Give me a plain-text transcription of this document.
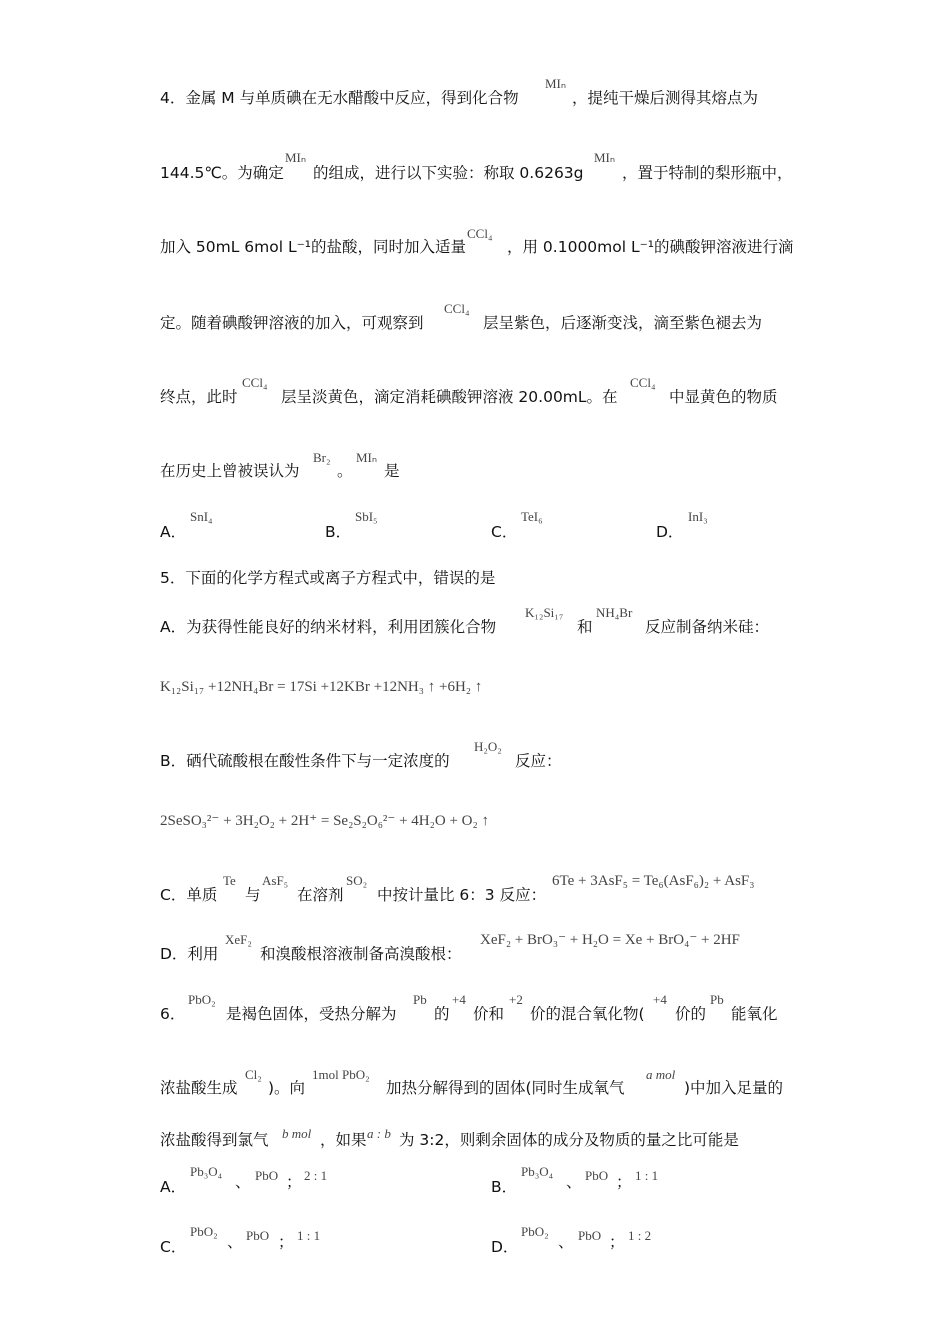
4．金属 M 与单质碘在无水醋酸中反应，得到化合物
MIₙ
，提纯干燥后测得其熔点为
144.5℃。为确定
MIₙ
的组成，进行以下实验：称取 0.6263g
MIₙ
，置于特制的梨形瓶中，
加入 50mL 6mol L⁻¹的盐酸，同时加入适量
CCl₄
，用 0.1000mol L⁻¹的碘酸钾溶液进行滴
定。随着碘酸钾溶液的加入，可观察到
CCl₄
层呈紫色，后逐渐变浅，滴至紫色褪去为
终点，此时
CCl₄
层呈淡黄色，滴定消耗碘酸钾溶液 20.00mL。在
CCl₄
中显黄色的物质
在历史上曾被误认为
Br₂
。
MIₙ
是
A．
SnI₄
B．
SbI₅
C．
TeI₆
D．
InI₃
5．下面的化学方程式或离子方程式中，错误的是
A．为获得性能良好的纳米材料，利用团簇化合物
K₁₂Si₁₇
和
NH₄Br
反应制备纳米硅：
K₁₂Si₁₇ +12NH₄Br = 17Si +12KBr +12NH₃ ↑ +6H₂ ↑
B．硒代硫酸根在酸性条件下与一定浓度的
H₂O₂
反应：
2SeSO₃²⁻ + 3H₂O₂ + 2H⁺ = Se₂S₂O₆²⁻ + 4H₂O + O₂ ↑
C．单质
Te
与
AsF₅
在溶剂
SO₂
中按计量比 6：3 反应：
6Te + 3AsF₅ = Te₆(AsF₆)₂ + AsF₃
D．利用
XeF₂
和溴酸根溶液制备高溴酸根：
XeF₂ + BrO₃⁻ + H₂O = Xe + BrO₄⁻ + 2HF
6．
PbO₂
是褐色固体，受热分解为
Pb
的
+4
价和
+2
价的混合氧化物(
+4
价的
Pb
能氧化
浓盐酸生成
Cl₂
)。向
1mol PbO₂
加热分解得到的固体(同时生成氧气
a mol
)中加入足量的
浓盐酸得到氯气 b mol ，如果 a : b 为 3:2，则剩余固体的成分及物质的量之比可能是
A．
Pb₃O₄
、 PbO ； 2 : 1
B．
Pb₃O₄
、 PbO ； 1 : 1
C．
PbO₂
、 PbO ； 1 : 1
D．
PbO₂
、 PbO ； 1 : 2
